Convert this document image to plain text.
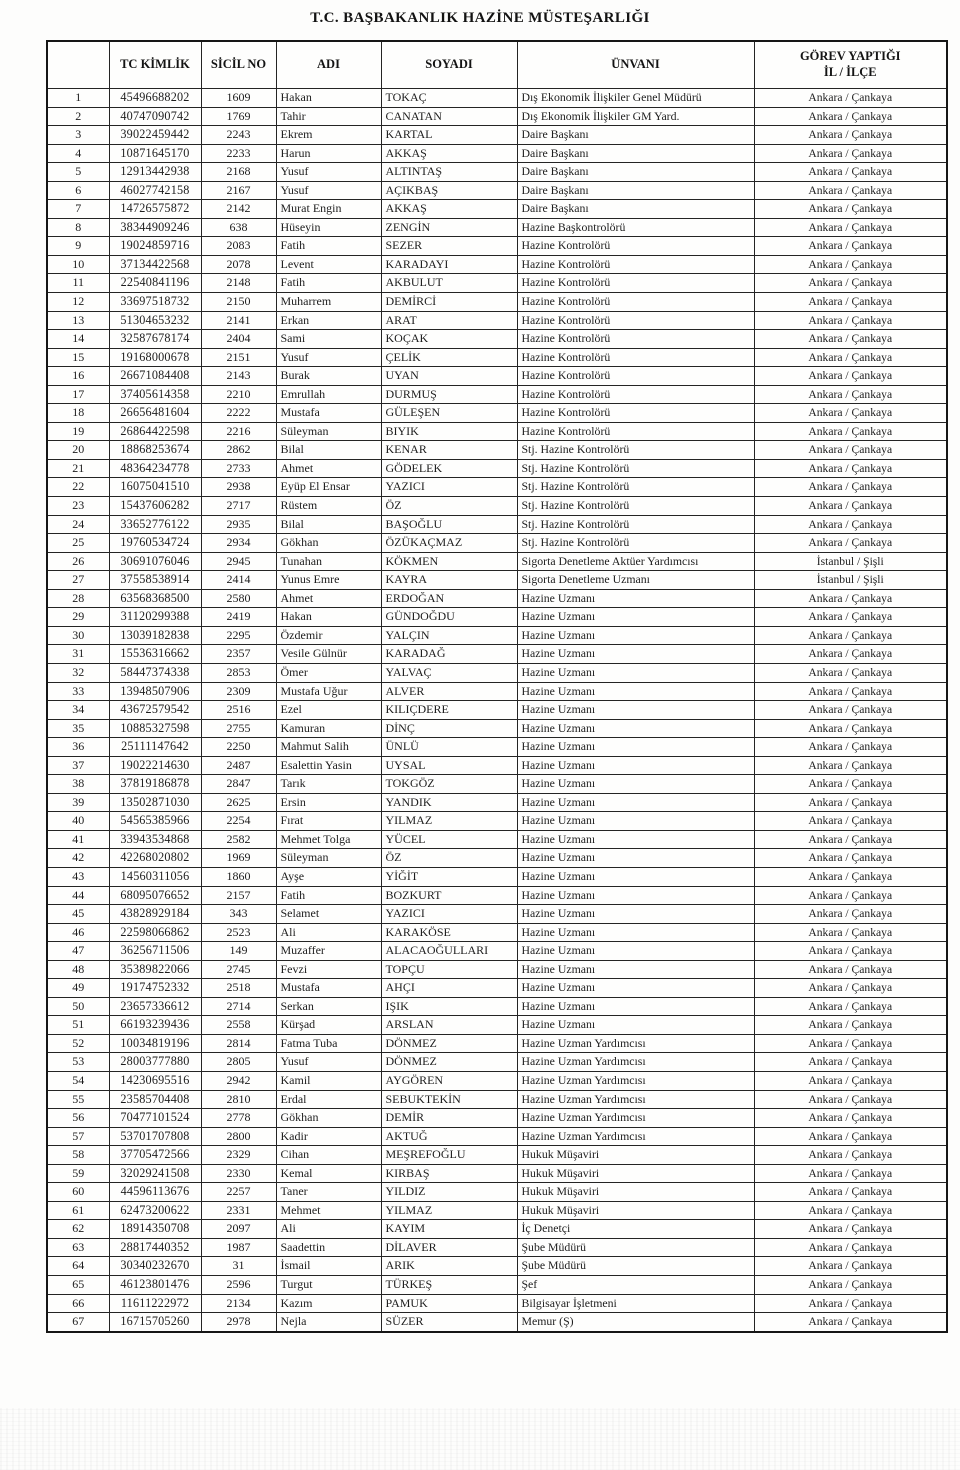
T.C. BAŞBAKANLIK HAZİNE MÜSTEŞARLIĞI
	TC KİMLİK	SİCİL NO	ADI	SOYADI	ÜNVANI	GÖREV YAPTIĞI
İL / İLÇE

1	45496688202	1609	Hakan	TOKAÇ	Dış Ekonomik İlişkiler Genel Müdürü	Ankara / Çankaya
2	40747090742	1769	Tahir	CANATAN	Dış Ekonomik İlişkiler GM Yard.	Ankara / Çankaya
3	39022459442	2243	Ekrem	KARTAL	Daire Başkanı	Ankara / Çankaya
4	10871645170	2233	Harun	AKKAŞ	Daire Başkanı	Ankara / Çankaya
5	12913442938	2168	Yusuf	ALTINTAŞ	Daire Başkanı	Ankara / Çankaya
6	46027742158	2167	Yusuf	AÇIKBAŞ	Daire Başkanı	Ankara / Çankaya
7	14726575872	2142	Murat Engin	AKKAŞ	Daire Başkanı	Ankara / Çankaya
8	38344909246	638	Hüseyin	ZENGİN	Hazine Başkontrolörü	Ankara / Çankaya
9	19024859716	2083	Fatih	SEZER	Hazine Kontrolörü	Ankara / Çankaya
10	37134422568	2078	Levent	KARADAYI	Hazine Kontrolörü	Ankara / Çankaya
11	22540841196	2148	Fatih	AKBULUT	Hazine Kontrolörü	Ankara / Çankaya
12	33697518732	2150	Muharrem	DEMİRCİ	Hazine Kontrolörü	Ankara / Çankaya
13	51304653232	2141	Erkan	ARAT	Hazine Kontrolörü	Ankara / Çankaya
14	32587678174	2404	Sami	KOÇAK	Hazine Kontrolörü	Ankara / Çankaya
15	19168000678	2151	Yusuf	ÇELİK	Hazine Kontrolörü	Ankara / Çankaya
16	26671084408	2143	Burak	UYAN	Hazine Kontrolörü	Ankara / Çankaya
17	37405614358	2210	Emrullah	DURMUŞ	Hazine Kontrolörü	Ankara / Çankaya
18	26656481604	2222	Mustafa	GÜLEŞEN	Hazine Kontrolörü	Ankara / Çankaya
19	26864422598	2216	Süleyman	BIYIK	Hazine Kontrolörü	Ankara / Çankaya
20	18868253674	2862	Bilal	KENAR	Stj. Hazine Kontrolörü	Ankara / Çankaya
21	48364234778	2733	Ahmet	GÖDELEK	Stj. Hazine Kontrolörü	Ankara / Çankaya
22	16075041510	2938	Eyüp El Ensar	YAZICI	Stj. Hazine Kontrolörü	Ankara / Çankaya
23	15437606282	2717	Rüstem	ÖZ	Stj. Hazine Kontrolörü	Ankara / Çankaya
24	33652776122	2935	Bilal	BAŞOĞLU	Stj. Hazine Kontrolörü	Ankara / Çankaya
25	19760534724	2934	Gökhan	ÖZÜKAÇMAZ	Stj. Hazine Kontrolörü	Ankara / Çankaya
26	30691076046	2945	Tunahan	KÖKMEN	Sigorta Denetleme Aktüer Yardımcısı	İstanbul / Şişli
27	37558538914	2414	Yunus Emre	KAYRA	Sigorta Denetleme Uzmanı	İstanbul / Şişli
28	63568368500	2580	Ahmet	ERDOĞAN	Hazine Uzmanı	Ankara / Çankaya
29	31120299388	2419	Hakan	GÜNDOĞDU	Hazine Uzmanı	Ankara / Çankaya
30	13039182838	2295	Özdemir	YALÇIN	Hazine Uzmanı	Ankara / Çankaya
31	15536316662	2357	Vesile Gülnür	KARADAĞ	Hazine Uzmanı	Ankara / Çankaya
32	58447374338	2853	Ömer	YALVAÇ	Hazine Uzmanı	Ankara / Çankaya
33	13948507906	2309	Mustafa Uğur	ALVER	Hazine Uzmanı	Ankara / Çankaya
34	43672579542	2516	Ezel	KILIÇDERE	Hazine Uzmanı	Ankara / Çankaya
35	10885327598	2755	Kamuran	DİNÇ	Hazine Uzmanı	Ankara / Çankaya
36	25111147642	2250	Mahmut Salih	ÜNLÜ	Hazine Uzmanı	Ankara / Çankaya
37	19022214630	2487	Esalettin Yasin	UYSAL	Hazine Uzmanı	Ankara / Çankaya
38	37819186878	2847	Tarık	TOKGÖZ	Hazine Uzmanı	Ankara / Çankaya
39	13502871030	2625	Ersin	YANDIK	Hazine Uzmanı	Ankara / Çankaya
40	54565385966	2254	Fırat	YILMAZ	Hazine Uzmanı	Ankara / Çankaya
41	33943534868	2582	Mehmet Tolga	YÜCEL	Hazine Uzmanı	Ankara / Çankaya
42	42268020802	1969	Süleyman	ÖZ	Hazine Uzmanı	Ankara / Çankaya
43	14560311056	1860	Ayşe	YİĞİT	Hazine Uzmanı	Ankara / Çankaya
44	68095076652	2157	Fatih	BOZKURT	Hazine Uzmanı	Ankara / Çankaya
45	43828929184	343	Selamet	YAZICI	Hazine Uzmanı	Ankara / Çankaya
46	22598066862	2523	Ali	KARAKÖSE	Hazine Uzmanı	Ankara / Çankaya
47	36256711506	149	Muzaffer	ALACAOĞULLARI	Hazine Uzmanı	Ankara / Çankaya
48	35389822066	2745	Fevzi	TOPÇU	Hazine Uzmanı	Ankara / Çankaya
49	19174752332	2518	Mustafa	AHÇI	Hazine Uzmanı	Ankara / Çankaya
50	23657336612	2714	Serkan	IŞIK	Hazine Uzmanı	Ankara / Çankaya
51	66193239436	2558	Kürşad	ARSLAN	Hazine Uzmanı	Ankara / Çankaya
52	10034819196	2814	Fatma Tuba	DÖNMEZ	Hazine Uzman Yardımcısı	Ankara / Çankaya
53	28003777880	2805	Yusuf	DÖNMEZ	Hazine Uzman Yardımcısı	Ankara / Çankaya
54	14230695516	2942	Kamil	AYGÖREN	Hazine Uzman Yardımcısı	Ankara / Çankaya
55	23585704408	2810	Erdal	SEBUKTEKİN	Hazine Uzman Yardımcısı	Ankara / Çankaya
56	70477101524	2778	Gökhan	DEMİR	Hazine Uzman Yardımcısı	Ankara / Çankaya
57	53701707808	2800	Kadir	AKTUĞ	Hazine Uzman Yardımcısı	Ankara / Çankaya
58	37705472566	2329	Cihan	MEŞREFOĞLU	Hukuk Müşaviri	Ankara / Çankaya
59	32029241508	2330	Kemal	KIRBAŞ	Hukuk Müşaviri	Ankara / Çankaya
60	44596113676	2257	Taner	YILDIZ	Hukuk Müşaviri	Ankara / Çankaya
61	62473200622	2331	Mehmet	YILMAZ	Hukuk Müşaviri	Ankara / Çankaya
62	18914350708	2097	Ali	KAYIM	İç Denetçi	Ankara / Çankaya
63	28817440352	1987	Saadettin	DİLAVER	Şube Müdürü	Ankara / Çankaya
64	30340232670	31	İsmail	ARIK	Şube Müdürü	Ankara / Çankaya
65	46123801476	2596	Turgut	TÜRKEŞ	Şef	Ankara / Çankaya
66	11611222972	2134	Kazım	PAMUK	Bilgisayar İşletmeni	Ankara / Çankaya
67	16715705260	2978	Nejla	SÜZER	Memur (Ş)	Ankara / Çankaya
